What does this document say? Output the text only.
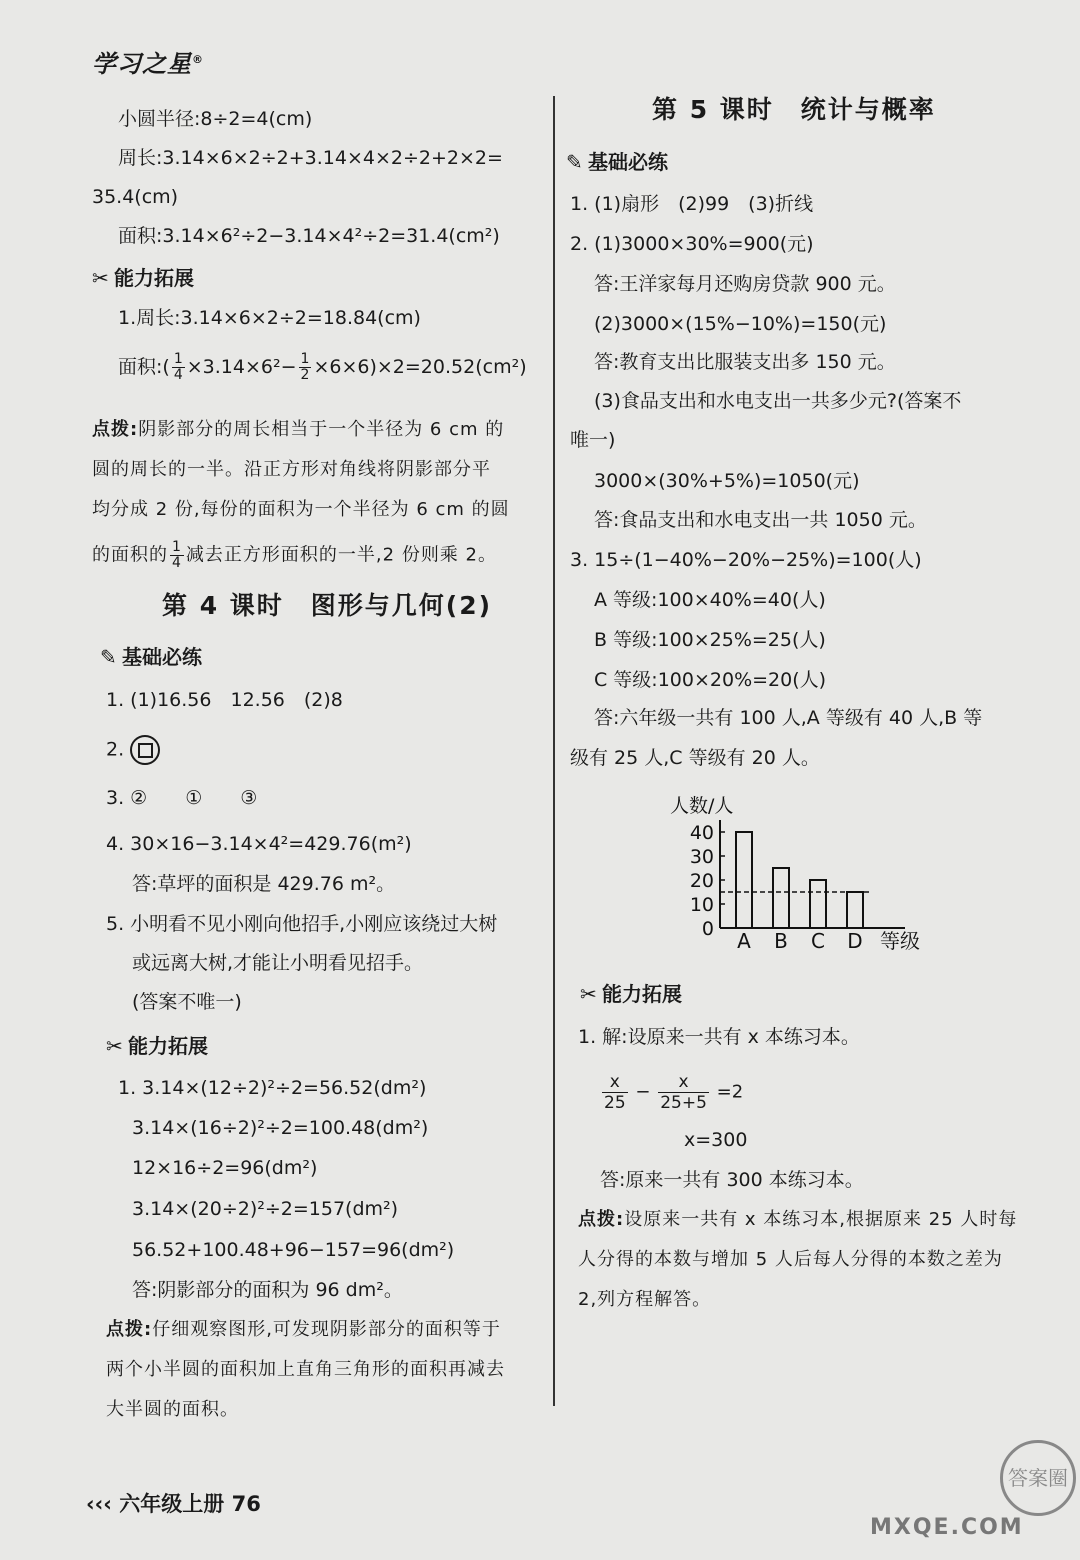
学习之星®
小圆半径:8÷2=4(cm)
周长:3.14×6×2÷2+3.14×4×2÷2+2×2=
35.4(cm)
面积:3.14×6²÷2−3.14×4²÷2=31.4(cm²)
✂ 能力拓展
1.周长:3.14×6×2÷2=18.84(cm)
面积:( $\frac{1}{4} \times 3.14\times 6^2- \frac{1}{2} \times 6\times 6)\times 2=20.52(cm^2)$
点拨:阴影部分的周长相当于一个半径为 6 cm 的
圆的周长的一半。沿正方形对角线将阴影部分平
均分成 2 份,每份的面积为一个半径为 6 cm 的圆
的面积的 $\frac{1}{4}$ 减去正方形面积的一半,2 份则乘 2。
第 4 课时　图形与几何(2)
✎ 基础必练
1. (1)16.56　12.56　(2)8
2.
3. ②　　①　　③
4. 30×16−3.14×4²=429.76(m²)
答:草坪的面积是 429.76 m²。
5. 小明看不见小刚向他招手,小刚应该绕过大树
或远离大树,才能让小明看见招手。
(答案不唯一)
✂ 能力拓展
1. 3.14×(12÷2)²÷2=56.52(dm²)
3.14×(16÷2)²÷2=100.48(dm²)
12×16÷2=96(dm²)
3.14×(20÷2)²÷2=157(dm²)
56.52+100.48+96−157=96(dm²)
答:阴影部分的面积为 96 dm²。
点拨:仔细观察图形,可发现阴影部分的面积等于
两个小半圆的面积加上直角三角形的面积再减去
大半圆的面积。
第 5 课时　统计与概率
✎ 基础必练
1. (1)扇形　(2)99　(3)折线
2. (1)3000×30%=900(元)
答:王洋家每月还购房贷款 900 元。
(2)3000×(15%−10%)=150(元)
答:教育支出比服装支出多 150 元。
(3)食品支出和水电支出一共多少元?(答案不
唯一)
3000×(30%+5%)=1050(元)
答:食品支出和水电支出一共 1050 元。
3. 15÷(1−40%−20%−25%)=100(人)
A 等级:100×40%=40(人)
B 等级:100×25%=25(人)
C 等级:100×20%=20(人)
答:六年级一共有 100 人,A 等级有 40 人,B 等
级有 25 人,C 等级有 20 人。
人数/人
0
10
20
30
40
A B C D 等级
✂ 能力拓展
1. 解:设原来一共有 x 本练习本。
$\frac{x}{25} - \frac{x}{25+5} =2$
x=300
答:原来一共有 300 本练习本。
点拨:设原来一共有 x 本练习本,根据原来 25 人时每
人分得的本数与增加 5 人后每人分得的本数之差为
2,列方程解答。
‹‹‹ 六年级上册 76
答案圈
MXQE.COM
